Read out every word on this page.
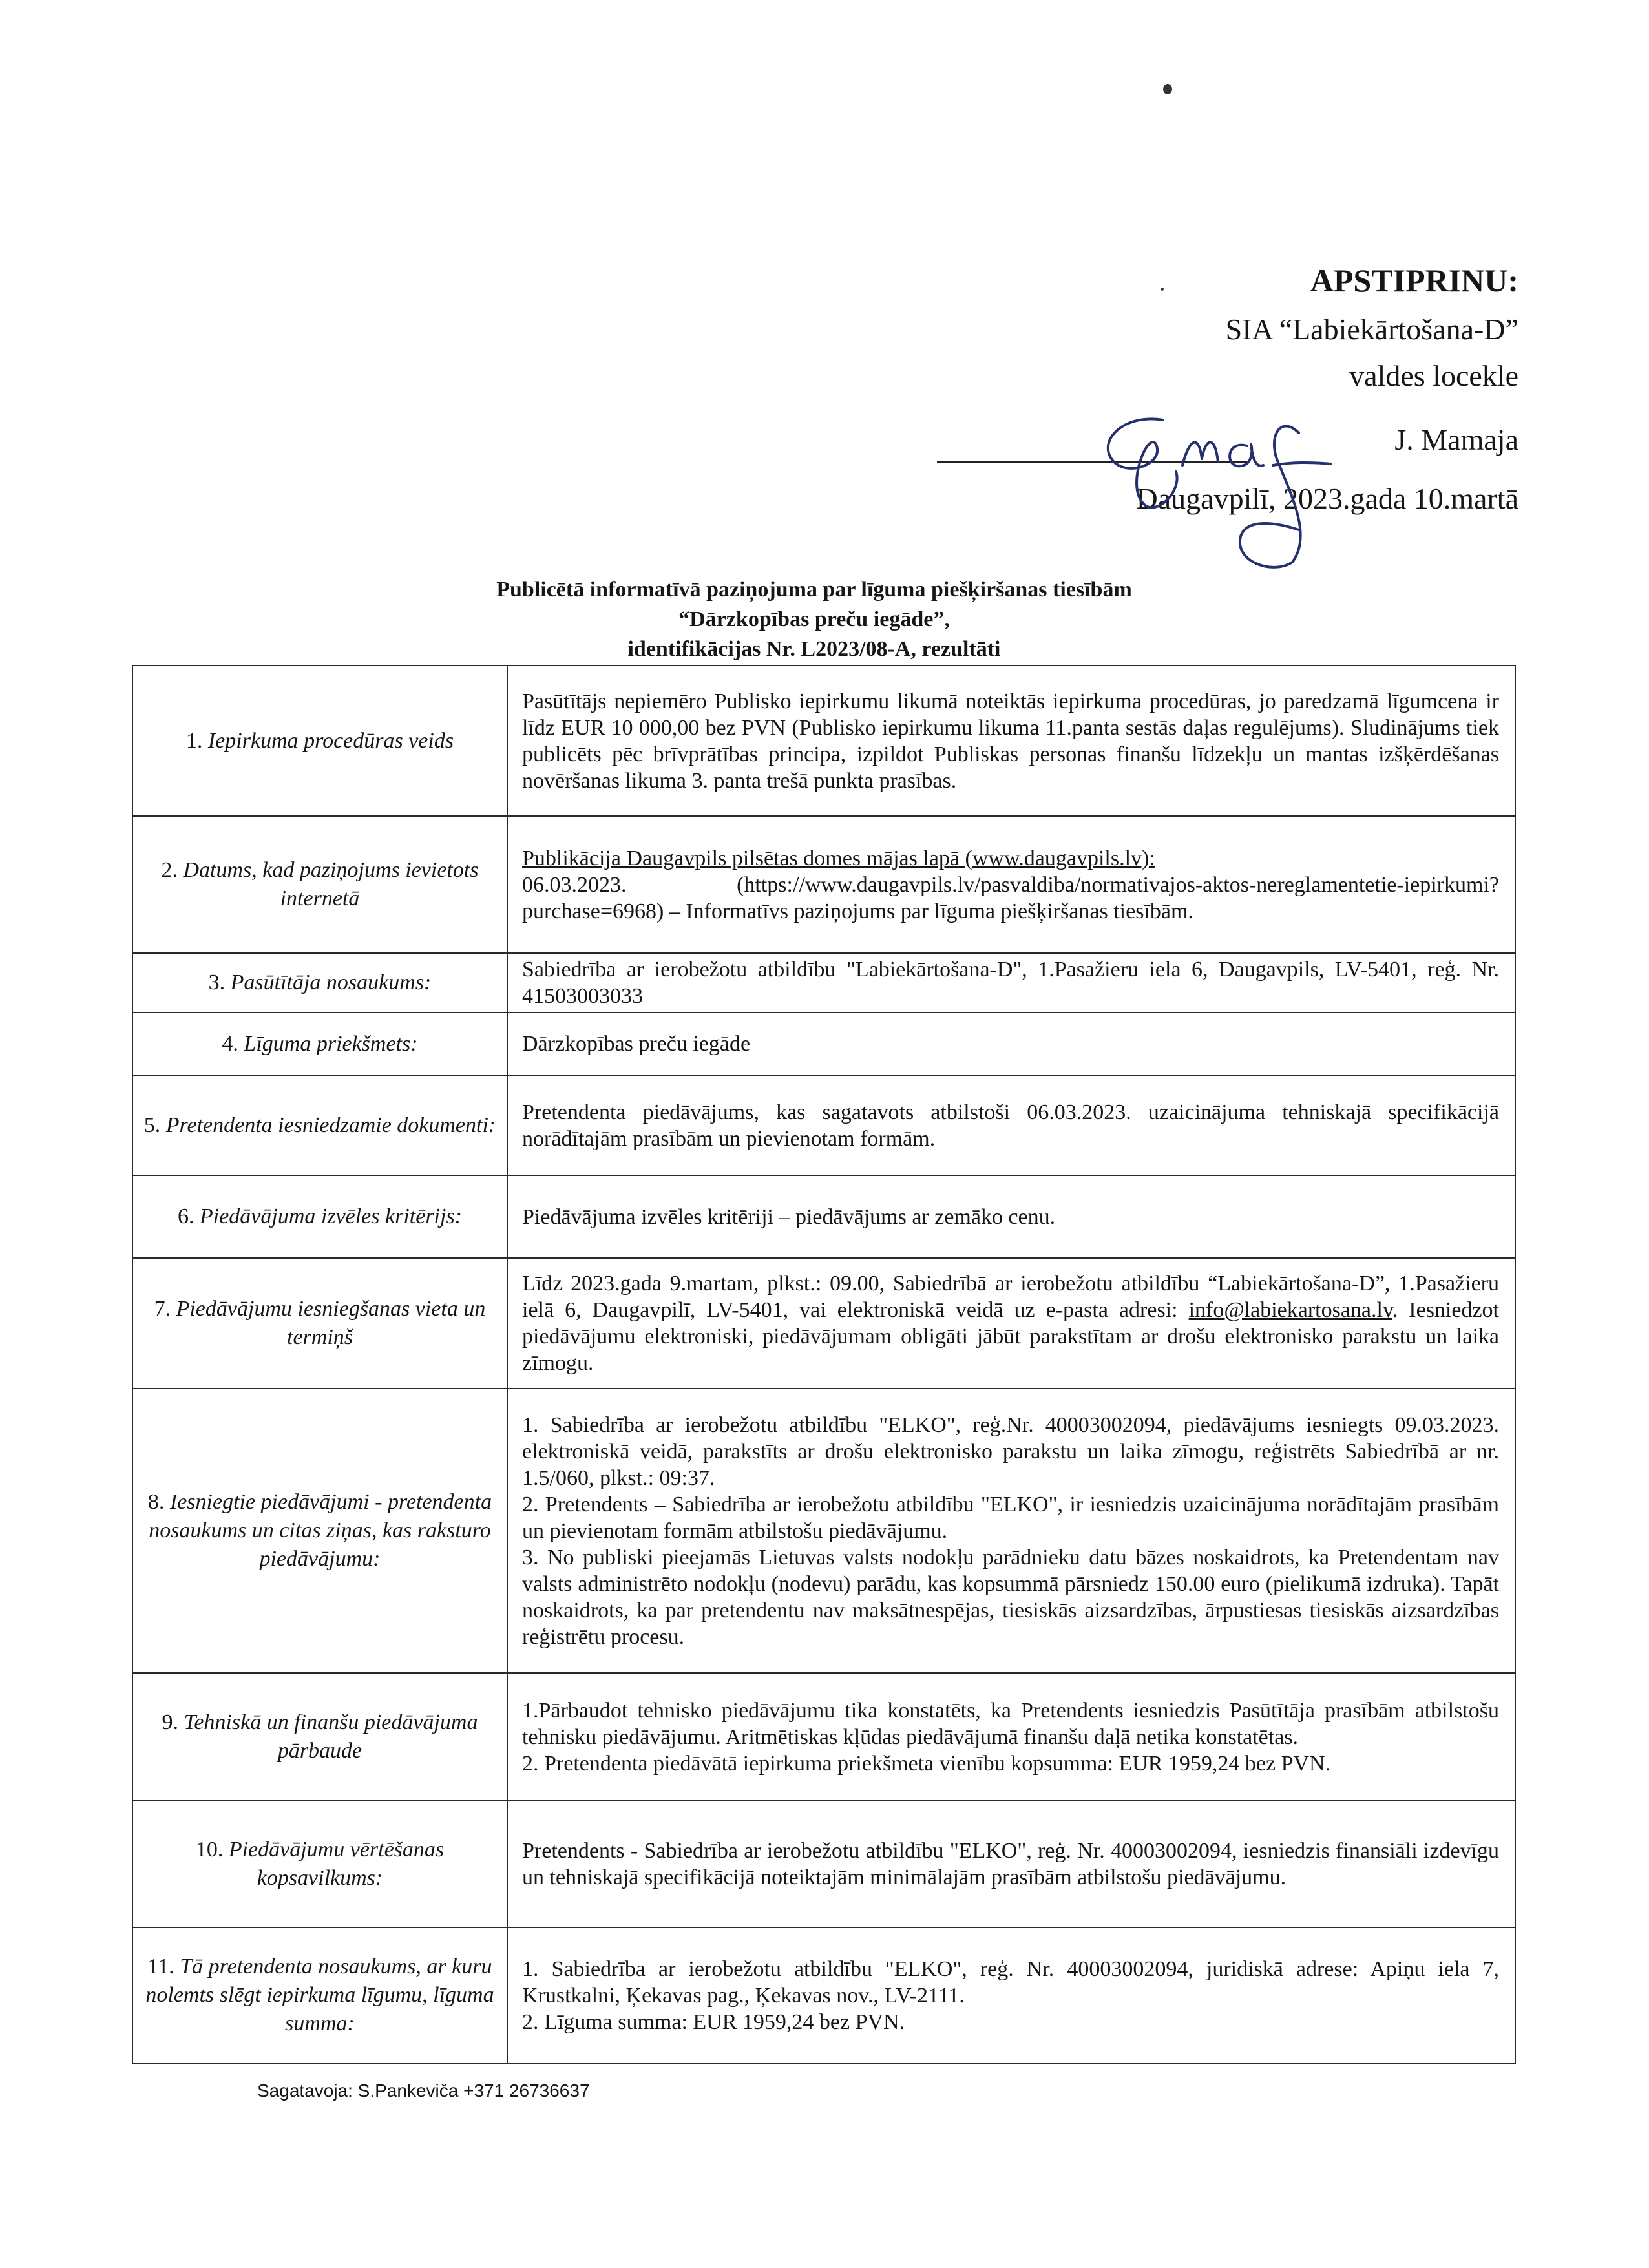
APSTIPRINU:
SIA “Labiekārtošana-D”
valdes locekle
J. Mamaja
Daugavpilī, 2023.gada 10.martā
Publicētā informatīvā paziņojuma par līguma piešķiršanas tiesībām
“Dārzkopības preču iegāde”,
identifikācijas Nr. L2023/08-A, rezultāti
1. Iepirkuma procedūras veids	Pasūtītājs nepiemēro Publisko iepirkumu likumā noteiktās iepirkuma procedūras, jo paredzamā līgumcena ir līdz EUR 10 000,00 bez PVN (Publisko iepirkumu likuma 11.panta sestās daļas regulējums). Sludinājums tiek publicēts pēc brīvprātības principa, izpildot Publiskas personas finanšu līdzekļu un mantas izšķērdēšanas novēršanas likuma 3. panta trešā punkta prasības.
2. Datums, kad paziņojums ievietots internetā	Publikācija Daugavpils pilsētas domes mājas lapā (www.daugavpils.lv):
06.03.2023. (https://www.daugavpils.lv/pasvaldiba/normativajos-aktos-nereglamentetie-iepirkumi?purchase=6968) – Informatīvs paziņojums par līguma piešķiršanas tiesībām.
3. Pasūtītāja nosaukums:	Sabiedrība ar ierobežotu atbildību "Labiekārtošana-D", 1.Pasažieru iela 6, Daugavpils, LV-5401, reģ. Nr. 41503003033
4. Līguma priekšmets:	Dārzkopības preču iegāde
5. Pretendenta iesniedzamie dokumenti:	Pretendenta piedāvājums, kas sagatavots atbilstoši 06.03.2023. uzaicinājuma tehniskajā specifikācijā norādītajām prasībām un pievienotam formām.
6. Piedāvājuma izvēles kritērijs:	Piedāvājuma izvēles kritēriji – piedāvājums ar zemāko cenu.
7. Piedāvājumu iesniegšanas vieta un termiņš	Līdz 2023.gada 9.martam, plkst.: 09.00, Sabiedrībā ar ierobežotu atbildību “Labiekārtošana-D”, 1.Pasažieru ielā 6, Daugavpilī, LV-5401, vai elektroniskā veidā uz e-pasta adresi: info@labiekartosana.lv. Iesniedzot piedāvājumu elektroniski, piedāvājumam obligāti jābūt parakstītam ar drošu elektronisko parakstu un laika zīmogu.
8. Iesniegtie piedāvājumi - pretendenta nosaukums un citas ziņas, kas raksturo piedāvājumu:	1. Sabiedrība ar ierobežotu atbildību "ELKO", reģ.Nr. 40003002094, piedāvājums iesniegts 09.03.2023. elektroniskā veidā, parakstīts ar drošu elektronisko parakstu un laika zīmogu, reģistrēts Sabiedrībā ar nr. 1.5/060, plkst.: 09:37.
2. Pretendents – Sabiedrība ar ierobežotu atbildību "ELKO", ir iesniedzis uzaicinājuma norādītajām prasībām un pievienotam formām atbilstošu piedāvājumu.
3. No publiski pieejamās Lietuvas valsts nodokļu parādnieku datu bāzes noskaidrots, ka Pretendentam nav valsts administrēto nodokļu (nodevu) parādu, kas kopsummā pārsniedz 150.00 euro (pielikumā izdruka). Tapāt noskaidrots, ka par pretendentu nav maksātnespējas, tiesiskās aizsardzības, ārpustiesas tiesiskās aizsardzības reģistrētu procesu.

9. Tehniskā un finanšu piedāvājuma pārbaude	1.Pārbaudot tehnisko piedāvājumu tika konstatēts, ka Pretendents iesniedzis Pasūtītāja prasībām atbilstošu tehnisku piedāvājumu. Aritmētiskas kļūdas piedāvājumā finanšu daļā netika konstatētas.
2. Pretendenta piedāvātā iepirkuma priekšmeta vienību kopsumma: EUR 1959,24 bez PVN.

10. Piedāvājumu vērtēšanas kopsavilkums:	Pretendents - Sabiedrība ar ierobežotu atbildību "ELKO", reģ. Nr. 40003002094, iesniedzis finansiāli izdevīgu un tehniskajā specifikācijā noteiktajām minimālajām prasībām atbilstošu piedāvājumu.
11. Tā pretendenta nosaukums, ar kuru nolemts slēgt iepirkuma līgumu, līguma summa:	1. Sabiedrība ar ierobežotu atbildību "ELKO", reģ. Nr. 40003002094, juridiskā adrese: Apiņu iela 7, Krustkalni, Ķekavas pag., Ķekavas nov., LV-2111.
2. Līguma summa: EUR 1959,24 bez PVN.
Sagatavoja: S.Pankeviča +371 26736637
